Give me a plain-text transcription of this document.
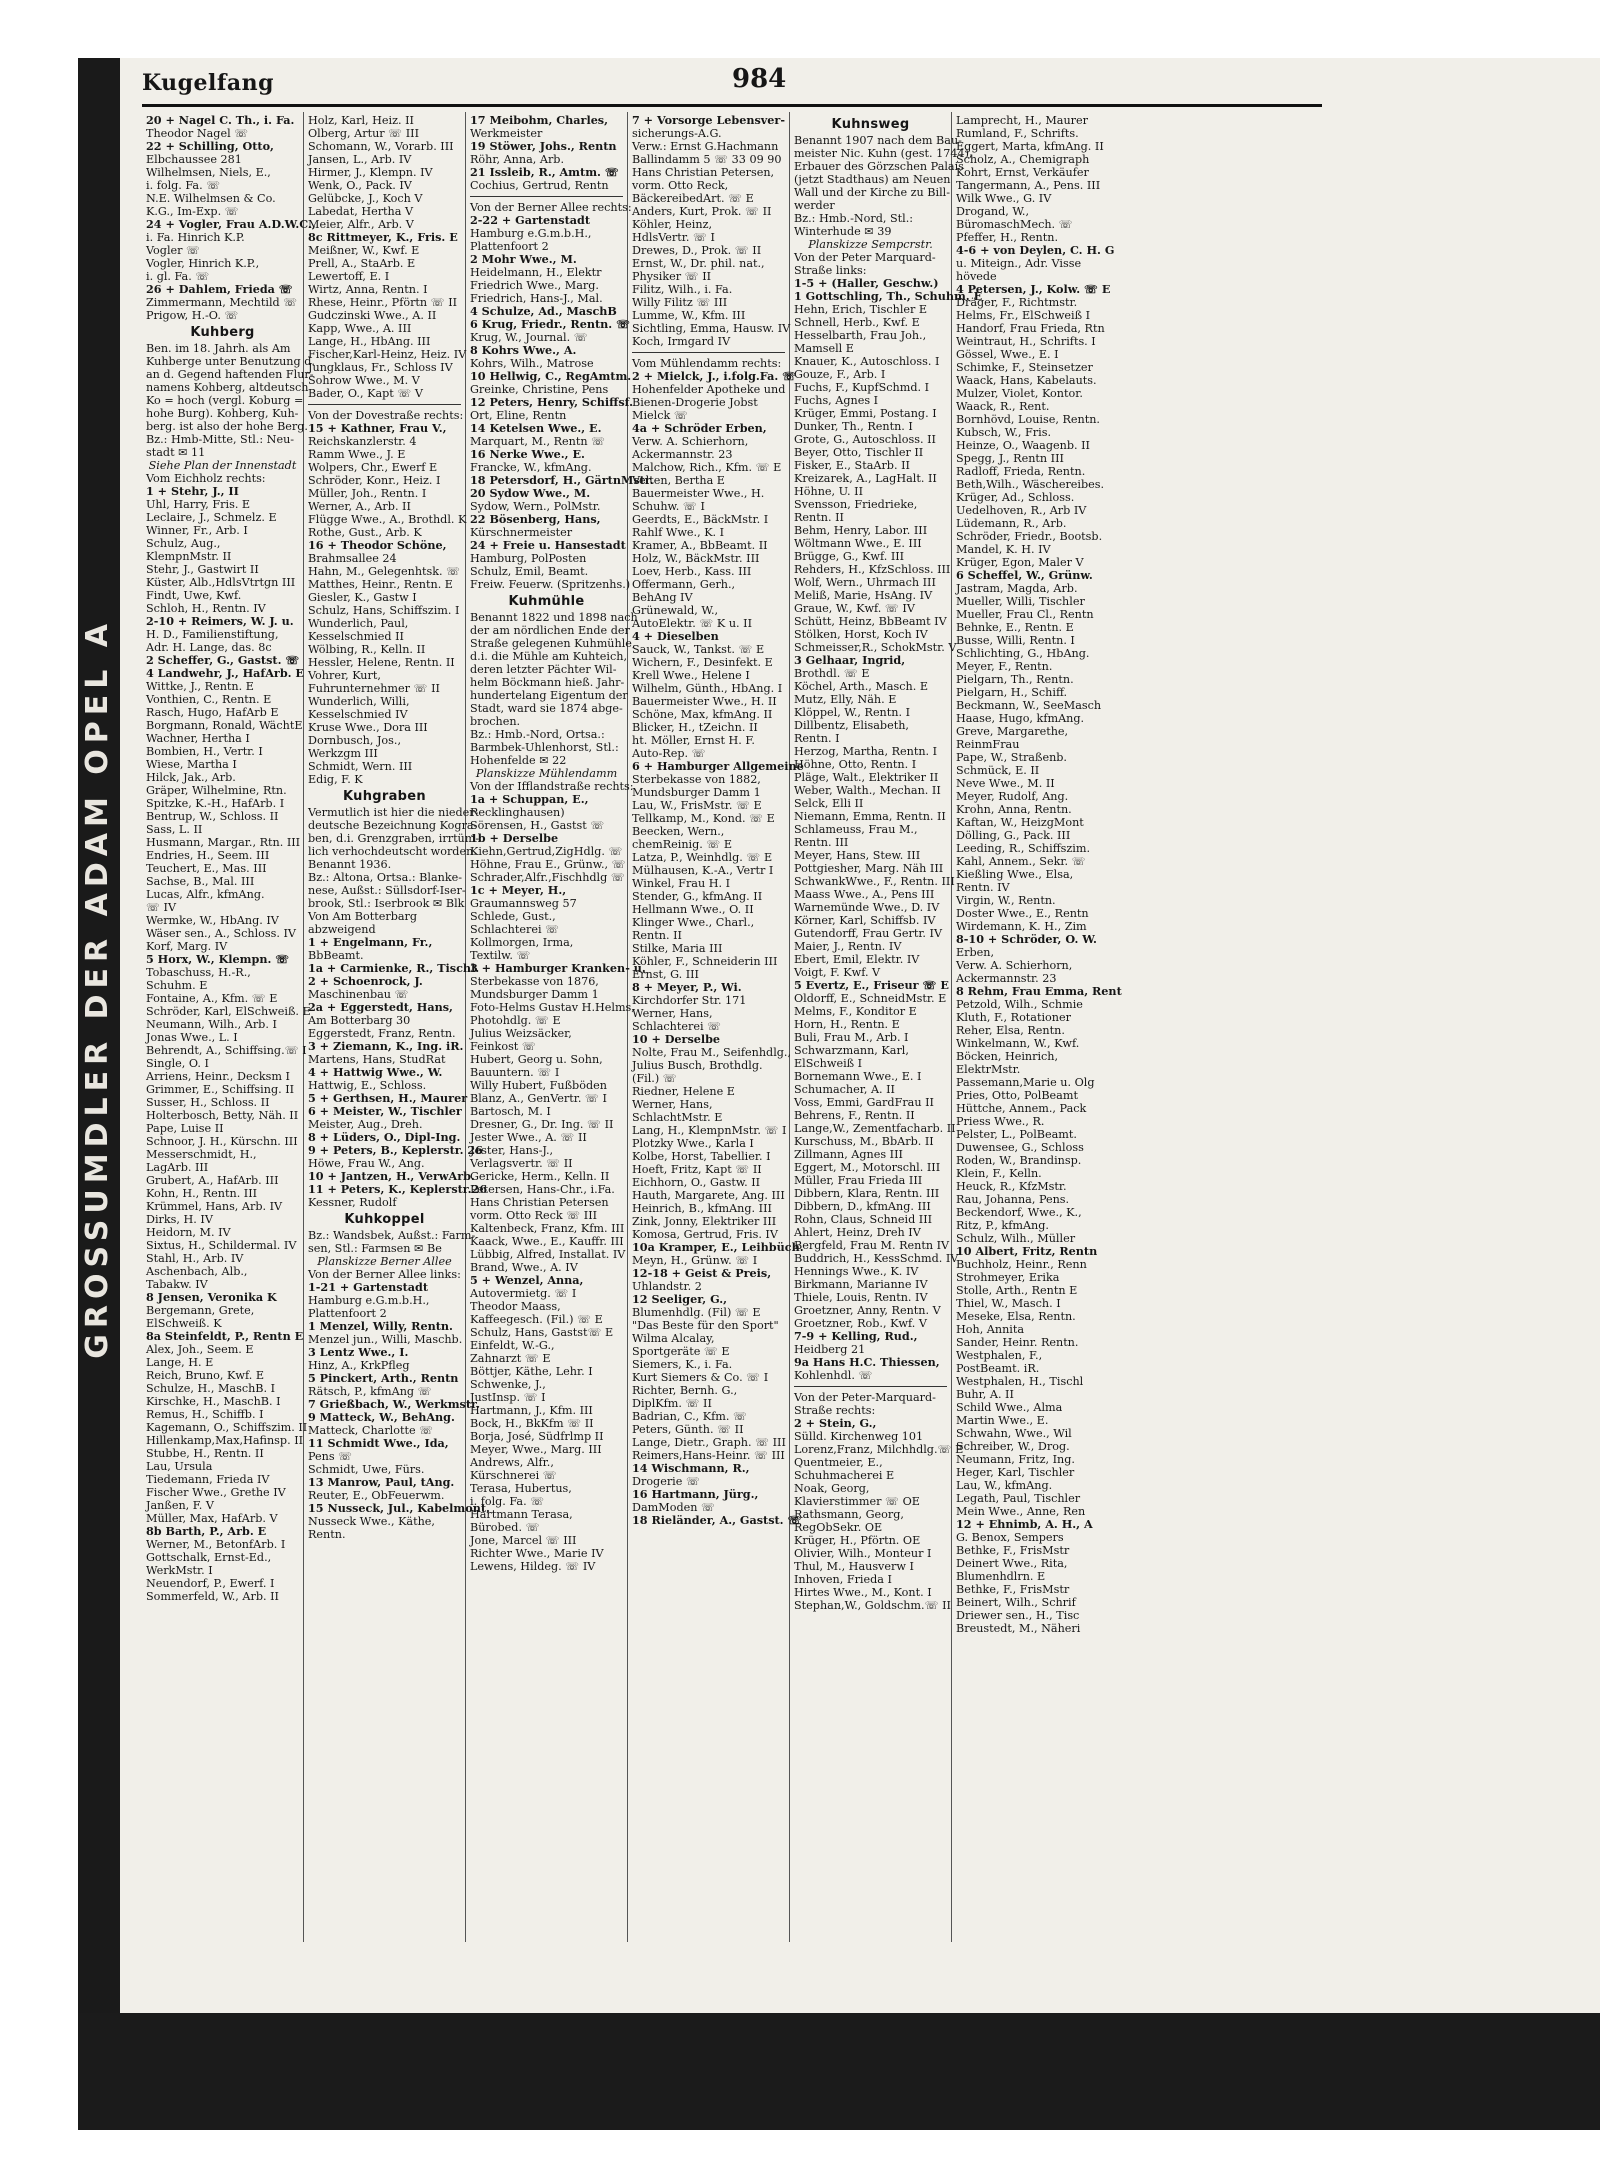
GROSSUMDLER DER ADAM OPEL A
Kugelfang	984
20 + Nagel C. Th., i. Fa.
Theodor Nagel ☏
22 + Schilling, Otto,
Elbchaussee 281
Wilhelmsen, Niels, E.,
i. folg. Fa. ☏
N.E. Wilhelmsen & Co.
K.G., Im-Exp. ☏
24 + Vogler, Frau A.D.W.C.,
i. Fa. Hinrich K.P.
Vogler ☏
Vogler, Hinrich K.P.,
i. gl. Fa. ☏
26 + Dahlem, Frieda ☏
Zimmermann, Mechtild ☏
Prigow, H.-O. ☏
Kuhberg
Ben. im 18. Jahrh. als Am
Kuhberge unter Benutzung d.
an d. Gegend haftenden Flur-
namens Kohberg, altdeutsch
Ko = hoch (vergl. Koburg =
hohe Burg). Kohberg, Kuh-
berg. ist also der hohe Berg.
Bz.: Hmb-Mitte, Stl.: Neu-
stadt ✉ 11
Siehe Plan der Innenstadt
Vom Eichholz rechts:
1 + Stehr, J., II
Uhl, Harry, Fris. E
Leclaire, J., Schmelz. E
Winner, Fr., Arb. I
Schulz, Aug.,
KlempnMstr. II
Stehr, J., Gastwirt II
Küster, Alb.,HdlsVtrtgn III
Findt, Uwe, Kwf.
Schloh, H., Rentn. IV
2-10 + Reimers, W. J. u.
H. D., Familienstiftung,
Adr. H. Lange, das. 8c
2 Scheffer, G., Gastst. ☏
4 Landwehr, J., HafArb. E
Wittke, J., Rentn. E
Vonthien, C., Rentn. E
Rasch, Hugo, HafArb E
Borgmann, Ronald, WächtE
Wachner, Hertha I
Bombien, H., Vertr. I
Wiese, Martha I
Hilck, Jak., Arb.
Gräper, Wilhelmine, Rtn.
Spitzke, K.-H., HafArb. I
Bentrup, W., Schloss. II
Sass, L. II
Husmann, Margar., Rtn. III
Endries, H., Seem. III
Teuchert, E., Mas. III
Sachse, B., Mal. III
Lucas, Alfr., kfmAng.
☏ IV
Wermke, W., HbAng. IV
Wäser sen., A., Schloss. IV
Korf, Marg. IV
5 Horx, W., Klempn. ☏
Tobaschuss, H.-R.,
Schuhm. E
Fontaine, A., Kfm. ☏ E
Schröder, Karl, ElSchweiß. E
Neumann, Wilh., Arb. I
Jonas Wwe., L. I
Behrendt, A., Schiffsing.☏ I
Single, O. I
Arriens, Heinr., Decksm I
Grimmer, E., Schiffsing. II
Susser, H., Schloss. II
Holterbosch, Betty, Näh. II
Pape, Luise II
Schnoor, J. H., Kürschn. III
Messerschmidt, H.,
LagArb. III
Grubert, A., HafArb. III
Kohn, H., Rentn. III
Krümmel, Hans, Arb. IV
Dirks, H. IV
Heidorn, M. IV
Sixtus, H., Schildermal. IV
Stahl, H., Arb. IV
Aschenbach, Alb.,
Tabakw. IV
8 Jensen, Veronika K
Bergemann, Grete,
ElSchweiß. K
8a Steinfeldt, P., Rentn E
Alex, Joh., Seem. E
Lange, H. E
Reich, Bruno, Kwf. E
Schulze, H., MaschB. I
Kirschke, H., MaschB. I
Remus, H., Schiffb. I
Kagemann, O., Schiffszim. II
Hillenkamp,Max,Hafinsp. II
Stubbe, H., Rentn. II
Lau, Ursula
Tiedemann, Frieda IV
Fischer Wwe., Grethe IV
Janßen, F. V
Müller, Max, HafArb. V
8b Barth, P., Arb. E
Werner, M., BetonfArb. I
Gottschalk, Ernst-Ed.,
WerkMstr. I
Neuendorf, P., Ewerf. I
Sommerfeld, W., Arb. II
Holz, Karl, Heiz. II
Olberg, Artur ☏ III
Schomann, W., Vorarb. III
Jansen, L., Arb. IV
Hirmer, J., Klempn. IV
Wenk, O., Pack. IV
Gelübcke, J., Koch V
Labedat, Hertha V
Meier, Alfr., Arb. V
8c Rittmeyer, K., Fris. E
Meißner, W., Kwf. E
Prell, A., StaArb. E
Lewertoff, E. I
Wirtz, Anna, Rentn. I
Rhese, Heinr., Pförtn ☏ II
Gudczinski Wwe., A. II
Kapp, Wwe., A. III
Lange, H., HbAng. III
Fischer,Karl-Heinz, Heiz. IV
Jungklaus, Fr., Schloss IV
Sohrow Wwe., M. V
Bader, O., Kapt ☏ V
Von der Dovestraße rechts:
15 + Kathner, Frau V.,
Reichskanzlerstr. 4
Ramm Wwe., J. E
Wolpers, Chr., Ewerf E
Schröder, Konr., Heiz. I
Müller, Joh., Rentn. I
Werner, A., Arb. II
Flügge Wwe., A., Brothdl. K
Rothe, Gust., Arb. K
16 + Theodor Schöne,
Brahmsallee 24
Hahn, M., Gelegenhtsk. ☏
Matthes, Heinr., Rentn. E
Giesler, K., Gastw I
Schulz, Hans, Schiffszim. I
Wunderlich, Paul,
Kesselschmied II
Wölbing, R., Kelln. II
Hessler, Helene, Rentn. II
Vohrer, Kurt,
Fuhrunternehmer ☏ II
Wunderlich, Willi,
Kesselschmied IV
Kruse Wwe., Dora III
Dornbusch, Jos.,
Werkzgm III
Schmidt, Wern. III
Edig, F. K
Kuhgraben
Vermutlich ist hier die nieder-
deutsche Bezeichnung Kogra-
ben, d.i. Grenzgraben, irrtüm-
lich verhochdeutscht worden.
Benannt 1936.
Bz.: Altona, Ortsa.: Blanke-
nese, Außst.: Süllsdorf-Iser-
brook, Stl.: Iserbrook ✉ Blk
Von Am Botterbarg
abzweigend
1 + Engelmann, Fr.,
BbBeamt.
1a + Carmienke, R., Tischl.
2 + Schoenrock, J.
Maschinenbau ☏
2a + Eggerstedt, Hans,
Am Botterbarg 30
Eggerstedt, Franz, Rentn.
3 + Ziemann, K., Ing. iR.
Martens, Hans, StudRat
4 + Hattwig Wwe., W.
Hattwig, E., Schloss.
5 + Gerthsen, H., Maurer
6 + Meister, W., Tischler
Meister, Aug., Dreh.
8 + Lüders, O., Dipl-Ing.
9 + Peters, B., Keplerstr. 26
Höwe, Frau W., Ang.
10 + Jantzen, H., VerwArb.
11 + Peters, K., Keplerstr.26
Kessner, Rudolf
Kuhkoppel
Bz.: Wandsbek, Außst.: Farm-
sen, Stl.: Farmsen ✉ Be
Planskizze Berner Allee
Von der Berner Allee links:
1-21 + Gartenstadt
Hamburg e.G.m.b.H.,
Plattenfoort 2
1 Menzel, Willy, Rentn.
Menzel jun., Willi, Maschb.
3 Lentz Wwe., I.
Hinz, A., KrkPfleg
5 Pinckert, Arth., Rentn
Rätsch, P., kfmAng ☏
7 Grießbach, W., Werkmstr.
9 Matteck, W., BehAng.
Matteck, Charlotte ☏
11 Schmidt Wwe., Ida,
Pens ☏
Schmidt, Uwe, Fürs.
13 Manrow, Paul, tAng.
Reuter, E., ObFeuerwm.
15 Nusseck, Jul., Kabelmont.
Nusseck Wwe., Käthe,
Rentn.
17 Meibohm, Charles,
Werkmeister
19 Stöwer, Johs., Rentn
Röhr, Anna, Arb.
21 Issleib, R., Amtm. ☏
Cochius, Gertrud, Rentn
Von der Berner Allee rechts:
2-22 + Gartenstadt
Hamburg e.G.m.b.H.,
Plattenfoort 2
2 Mohr Wwe., M.
Heidelmann, H., Elektr
Friedrich Wwe., Marg.
Friedrich, Hans-J., Mal.
4 Schulze, Ad., MaschB
6 Krug, Friedr., Rentn. ☏
Krug, W., Journal. ☏
8 Kohrs Wwe., A.
Kohrs, Wilh., Matrose
10 Hellwig, C., RegAmtm.
Greinke, Christine, Pens
12 Peters, Henry, Schiffsf.
Ort, Eline, Rentn
14 Ketelsen Wwe., E.
Marquart, M., Rentn ☏
16 Nerke Wwe., E.
Francke, W., kfmAng.
18 Petersdorf, H., GärtnMstr.
20 Sydow Wwe., M.
Sydow, Wern., PolMstr.
22 Bösenberg, Hans,
Kürschnermeister
24 + Freie u. Hansestadt
Hamburg, PolPosten
Schulz, Emil, Beamt.
Freiw. Feuerw. (Spritzenhs.)
Kuhmühle
Benannt 1822 und 1898 nach
der am nördlichen Ende der
Straße gelegenen Kuhmühle,
d.i. die Mühle am Kuhteich,
deren letzter Pächter Wil-
helm Böckmann hieß. Jahr-
hundertelang Eigentum der
Stadt, ward sie 1874 abge-
brochen.
Bz.: Hmb.-Nord, Ortsa.:
Barmbek-Uhlenhorst, Stl.:
Hohenfelde ✉ 22
Planskizze Mühlendamm
Von der Ifflandstraße rechts:
1a + Schuppan, E.,
Recklinghausen)
Sörensen, H., Gastst ☏
1b + Derselbe
Kiehn,Gertrud,ZigHdlg. ☏
Höhne, Frau E., Grünw., ☏
Schrader,Alfr.,Fischhdlg ☏
1c + Meyer, H.,
Graumannsweg 57
Schlede, Gust.,
Schlachterei ☏
Kollmorgen, Irma,
Textilw. ☏
3 + Hamburger Kranken- u.
Sterbekasse von 1876,
Mundsburger Damm 1
Foto-Helms Gustav H.Helms,
Photohdlg. ☏ E
Julius Weizsäcker,
Feinkost ☏
Hubert, Georg u. Sohn,
Bauuntern. ☏ I
Willy Hubert, Fußböden
Blanz, A., GenVertr. ☏ I
Bartosch, M. I
Dresner, G., Dr. Ing. ☏ II
Jester Wwe., A. ☏ II
Jester, Hans-J.,
Verlagsvertr. ☏ II
Gericke, Herm., Kelln. II
Petersen, Hans-Chr., i.Fa.
Hans Christian Petersen
vorm. Otto Reck ☏ III
Kaltenbeck, Franz, Kfm. III
Kaack, Wwe., E., Kauffr. III
Lübbig, Alfred, Installat. IV
Brand, Wwe., A. IV
5 + Wenzel, Anna,
Autovermietg. ☏ I
Theodor Maass,
Kaffeegesch. (Fil.) ☏ E
Schulz, Hans, Gastst☏ E
Einfeldt, W.-G.,
Zahnarzt ☏ E
Böttjer, Käthe, Lehr. I
Schwenke, J.,
JustInsp. ☏ I
Hartmann, J., Kfm. III
Bock, H., BkKfm ☏ II
Borja, José, Südfrlmp II
Meyer, Wwe., Marg. III
Andrews, Alfr.,
Kürschnerei ☏
Terasa, Hubertus,
i. folg. Fa. ☏
Hartmann Terasa,
Bürobed. ☏
Jone, Marcel ☏ III
Richter Wwe., Marie IV
Lewens, Hildeg. ☏ IV
7 + Vorsorge Lebensver-
sicherungs-A.G.
Verw.: Ernst G.Hachmann
Ballindamm 5 ☏ 33 09 90
Hans Christian Petersen,
vorm. Otto Reck,
BäckereibedArt. ☏ E
Anders, Kurt, Prok. ☏ II
Köhler, Heinz,
HdlsVertr. ☏ I
Drewes, D., Prok. ☏ II
Ernst, W., Dr. phil. nat.,
Physiker ☏ II
Filitz, Wilh., i. Fa.
Willy Filitz ☏ III
Lumme, W., Kfm. III
Sichtling, Emma, Hausw. IV
Koch, Irmgard IV
Vom Mühlendamm rechts:
2 + Mielck, J., i.folg.Fa. ☏
Hohenfelder Apotheke und
Bienen-Drogerie Jobst
Mielck ☏
4a + Schröder Erben,
Verw. A. Schierhorn,
Ackermannstr. 23
Malchow, Rich., Kfm. ☏ E
Velten, Bertha E
Bauermeister Wwe., H.
Schuhw. ☏ I
Geerdts, E., BäckMstr. I
Rahlf Wwe., K. I
Kramer, A., BbBeamt. II
Holz, W., BäckMstr. III
Loev, Herb., Kass. III
Offermann, Gerh.,
BehAng IV
Grünewald, W.,
AutoElektr. ☏ K u. II
4 + Dieselben
Sauck, W., Tankst. ☏ E
Wichern, F., Desinfekt. E
Krell Wwe., Helene I
Wilhelm, Günth., HbAng. I
Bauermeister Wwe., H. II
Schöne, Max, kfmAng. II
Blicker, H., tZeichn. II
ht. Möller, Ernst H. F.
Auto-Rep. ☏
6 + Hamburger Allgemeine
Sterbekasse von 1882,
Mundsburger Damm 1
Lau, W., FrisMstr. ☏ E
Tellkamp, M., Kond. ☏ E
Beecken, Wern.,
chemReinig. ☏ E
Latza, P., Weinhdlg. ☏ E
Mülhausen, K.-A., Vertr I
Winkel, Frau H. I
Stender, G., kfmAng. II
Hellmann Wwe., O. II
Klinger Wwe., Charl.,
Rentn. II
Stilke, Maria III
Köhler, F., Schneiderin III
Ernst, G. III
8 + Meyer, P., Wi.
Kirchdorfer Str. 171
Werner, Hans,
Schlachterei ☏
10 + Derselbe
Nolte, Frau M., Seifenhdlg.,
Julius Busch, Brothdlg.
(Fil.) ☏
Riedner, Helene E
Werner, Hans,
SchlachtMstr. E
Lang, H., KlempnMstr. ☏ I
Plotzky Wwe., Karla I
Kolbe, Horst, Tabellier. I
Hoeft, Fritz, Kapt ☏ II
Eichhorn, O., Gastw. II
Hauth, Margarete, Ang. III
Heinrich, B., kfmAng. III
Zink, Jonny, Elektriker III
Komosa, Gertrud, Fris. IV
10a Kramper, E., Leihbüch.
Meyn, H., Grünw. ☏ I
12-18 + Geist & Preis,
Uhlandstr. 2
12 Seeliger, G.,
Blumenhdlg. (Fil) ☏ E
"Das Beste für den Sport"
Wilma Alcalay,
Sportgeräte ☏ E
Siemers, K., i. Fa.
Kurt Siemers & Co. ☏ I
Richter, Bernh. G.,
DiplKfm. ☏ II
Badrian, C., Kfm. ☏
Peters, Günth. ☏ II
Lange, Dietr., Graph. ☏ III
Reimers,Hans-Heinr. ☏ III
14 Wischmann, R.,
Drogerie ☏
16 Hartmann, Jürg.,
DamModen ☏
18 Rieländer, A., Gastst. ☏
Kuhnsweg
Benannt 1907 nach dem Bau-
meister Nic. Kuhn (gest. 1744),
Erbauer des Görzschen Palais
(jetzt Stadthaus) am Neuen
Wall und der Kirche zu Bill-
werder
Bz.: Hmb.-Nord, Stl.:
Winterhude ✉ 39
Planskizze Sempcrstr.
Von der Peter Marquard-
Straße links:
1-5 + (Haller, Geschw.)
1 Gottschling, Th., Schuhm. E
Hehn, Erich, Tischler E
Schnell, Herb., Kwf. E
Hesselbarth, Frau Joh.,
Mamsell E
Knauer, K., Autoschloss. I
Gouze, F., Arb. I
Fuchs, F., KupfSchmd. I
Fuchs, Agnes I
Krüger, Emmi, Postang. I
Dunker, Th., Rentn. I
Grote, G., Autoschloss. II
Beyer, Otto, Tischler II
Fisker, E., StaArb. II
Kreizarek, A., LagHalt. II
Höhne, U. II
Svensson, Friedrieke,
Rentn. II
Behm, Henry, Labor. III
Wöltmann Wwe., E. III
Brügge, G., Kwf. III
Rehders, H., KfzSchloss. III
Wolf, Wern., Uhrmach III
Meliß, Marie, HsAng. IV
Graue, W., Kwf. ☏ IV
Schütt, Heinz, BbBeamt IV
Stölken, Horst, Koch IV
Schmeisser,R., SchokMstr. V
3 Gelhaar, Ingrid,
Brothdl. ☏ E
Köchel, Arth., Masch. E
Mutz, Elly, Näh. E
Klöppel, W., Rentn. I
Dillbentz, Elisabeth,
Rentn. I
Herzog, Martha, Rentn. I
Höhne, Otto, Rentn. I
Pläge, Walt., Elektriker II
Weber, Walth., Mechan. II
Selck, Elli II
Niemann, Emma, Rentn. II
Schlameuss, Frau M.,
Rentn. III
Meyer, Hans, Stew. III
Pottgiesher, Marg. Näh III
SchwankWwe., F., Rentn. III
Maass Wwe., A., Pens III
Warnemünde Wwe., D. IV
Körner, Karl, Schiffsb. IV
Gutendorff, Frau Gertr. IV
Maier, J., Rentn. IV
Ebert, Emil, Elektr. IV
Voigt, F. Kwf. V
5 Evertz, E., Friseur ☏ E
Oldorff, E., SchneidMstr. E
Melms, F., Konditor E
Horn, H., Rentn. E
Buli, Frau M., Arb. I
Schwarzmann, Karl,
ElSchweiß I
Bornemann Wwe., E. I
Schumacher, A. II
Voss, Emmi, GardFrau II
Behrens, F., Rentn. II
Lange,W., Zementfacharb. II
Kurschuss, M., BbArb. II
Zillmann, Agnes III
Eggert, M., Motorschl. III
Müller, Frau Frieda III
Dibbern, Klara, Rentn. III
Dibbern, D., kfmAng. III
Rohn, Claus, Schneid III
Ahlert, Heinz, Dreh IV
Bergfeld, Frau M. Rentn IV
Buddrich, H., KessSchmd. IV
Hennings Wwe., K. IV
Birkmann, Marianne IV
Thiele, Louis, Rentn. IV
Groetzner, Anny, Rentn. V
Groetzner, Rob., Kwf. V
7-9 + Kelling, Rud.,
Heidberg 21
9a Hans H.C. Thiessen,
Kohlenhdl. ☏
Von der Peter-Marquard-
Straße rechts:
2 + Stein, G.,
Sülld. Kirchenweg 101
Lorenz,Franz, Milchhdlg.☏ E
Quentmeier, E.,
Schuhmacherei E
Noak, Georg,
Klavierstimmer ☏ OE
Rathsmann, Georg,
RegObSekr. OE
Krüger, H., Pförtn. OE
Olivier, Wilh., Monteur I
Thul, M., Hausverw I
Inhoven, Frieda I
Hirtes Wwe., M., Kont. I
Stephan,W., Goldschm.☏ II
Lamprecht, H., Maurer
Rumland, F., Schrifts.
Eggert, Marta, kfmAng. II
Scholz, A., Chemigraph
Kohrt, Ernst, Verkäufer
Tangermann, A., Pens. III
Wilk Wwe., G. IV
Drogand, W.,
BüromaschMech. ☏
Pfeffer, H., Rentn.
4-6 + von Deylen, C. H. G
u. Miteign., Adr. Visse
hövede
4 Petersen, J., Kolw. ☏ E
Dräger, F., Richtmstr.
Helms, Fr., ElSchweiß I
Handorf, Frau Frieda, Rtn
Weintraut, H., Schrifts. I
Gössel, Wwe., E. I
Schimke, F., Steinsetzer
Waack, Hans, Kabelauts.
Mulzer, Violet, Kontor.
Waack, R., Rent.
Bornhövd, Louise, Rentn.
Kubsch, W., Fris.
Heinze, O., Waagenb. II
Spegg, J., Rentn III
Radloff, Frieda, Rentn.
Beth,Wilh., Wäschereibes.
Krüger, Ad., Schloss.
Uedelhoven, R., Arb IV
Lüdemann, R., Arb.
Schröder, Friedr., Bootsb.
Mandel, K. H. IV
Krüger, Egon, Maler V
6 Scheffel, W., Grünw.
Jastram, Magda, Arb.
Mueller, Willi, Tischler
Mueller, Frau Cl., Rentn
Behnke, E., Rentn. E
Busse, Willi, Rentn. I
Schlichting, G., HbAng.
Meyer, F., Rentn.
Pielgarn, Th., Rentn.
Pielgarn, H., Schiff.
Beckmann, W., SeeMasch
Haase, Hugo, kfmAng.
Greve, Margarethe,
ReinmFrau
Pape, W., Straßenb.
Schmück, E. II
Neve Wwe., M. II
Meyer, Rudolf, Ang.
Krohn, Anna, Rentn.
Kaftan, W., HeizgMont
Dölling, G., Pack. III
Leeding, R., Schiffszim.
Kahl, Annem., Sekr. ☏
Kießling Wwe., Elsa,
Rentn. IV
Virgin, W., Rentn.
Doster Wwe., E., Rentn
Wirdemann, K. H., Zim
8-10 + Schröder, O. W.
Erben,
Verw. A. Schierhorn,
Ackermannstr. 23
8 Rehm, Frau Emma, Rent
Petzold, Wilh., Schmie
Kluth, F., Rotationer
Reher, Elsa, Rentn.
Winkelmann, W., Kwf.
Böcken, Heinrich,
ElektrMstr.
Passemann,Marie u. Olg
Pries, Otto, PolBeamt
Hüttche, Annem., Pack
Priess Wwe., R.
Pelster, L., PolBeamt.
Duwensee, G., Schloss
Roden, W., Brandinsp.
Klein, F., Kelln.
Heuck, R., KfzMstr.
Rau, Johanna, Pens.
Beckendorf, Wwe., K.,
Ritz, P., kfmAng.
Schulz, Wilh., Müller
10 Albert, Fritz, Rentn
Buchholz, Heinr., Renn
Strohmeyer, Erika
Stolle, Arth., Rentn E
Thiel, W., Masch. I
Meseke, Elsa, Rentn.
Hoh, Annita
Sander, Heinr. Rentn.
Westphalen, F.,
PostBeamt. iR.
Westphalen, H., Tischl
Buhr, A. II
Schild Wwe., Alma
Martin Wwe., E.
Schwahn, Wwe., Wil
Schreiber, W., Drog.
Neumann, Fritz, Ing.
Heger, Karl, Tischler
Lau, W., kfmAng.
Legath, Paul, Tischler
Mein Wwe., Anne, Ren
12 + Ehnimb, A. H., A
G. Benox, Sempers
Bethke, F., FrisMstr
Deinert Wwe., Rita,
Blumenhdlrn. E
Bethke, F., FrisMstr
Beinert, Wilh., Schrif
Driewer sen., H., Tisc
Breustedt, M., Näheri
